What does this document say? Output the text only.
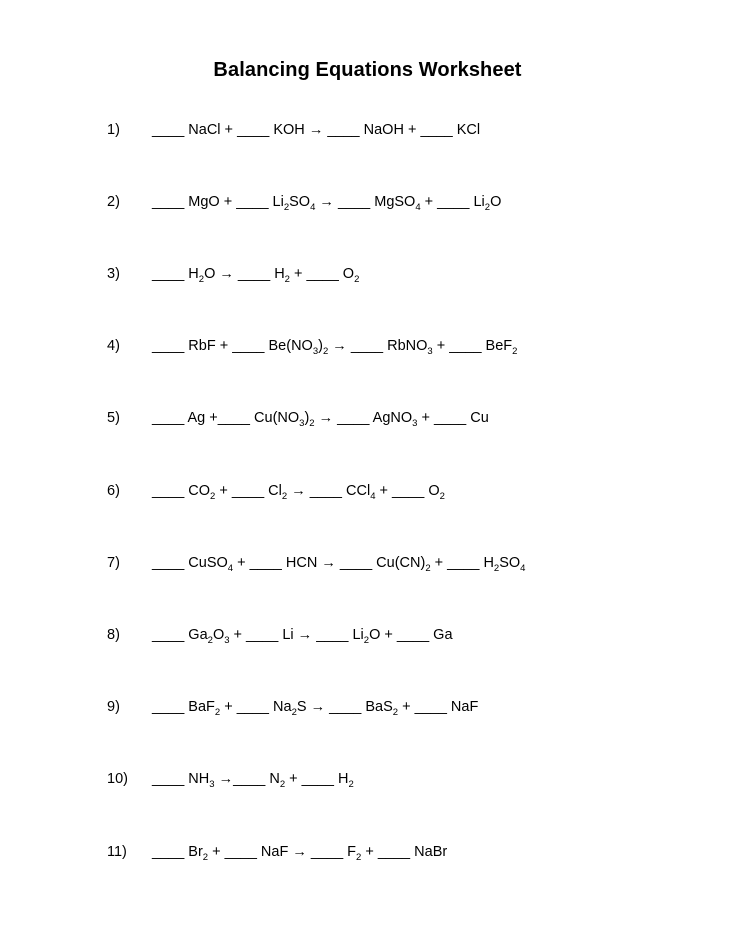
Balancing Equations Worksheet
1) ____ NaCl + ____ KOH → ____ NaOH + ____ KCl
2) ____ MgO + ____ $Li_2SO_4$ → ____ MgSO$_4$ + ____ $Li_2O$
3) ____ $H_2O$ → ____ $H_2$ + ____ $O_2$
4) ____ RbF + ____ $Be(NO_3)_2$ → ____ RbNO$_3$ + ____ BeF$_2$
5) ____ Ag +____ $Cu(NO_3)_2$ → ____ AgNO$_3$ + ____ Cu
6) ____ $CO_2$ + ____ $Cl_2$ → ____ CCl$_4$ + ____ $O_2$
7) ____ CuSO$_4$ + ____ HCN → ____ $Cu(CN)_2$ + ____ $H_2SO_4$
8) ____ $Ga_2O_3$ + ____ Li → ____ $Li_2O$ + ____ Ga
9) ____ BaF$_2$ + ____ $Na_2S$ → ____ BaS$_2$ + ____ NaF
10) ____ $NH_3$ →____ $N_2$ + ____ $H_2$
11) ____ $Br_2$ + ____ NaF → ____ $F_2$ + ____ NaBr
